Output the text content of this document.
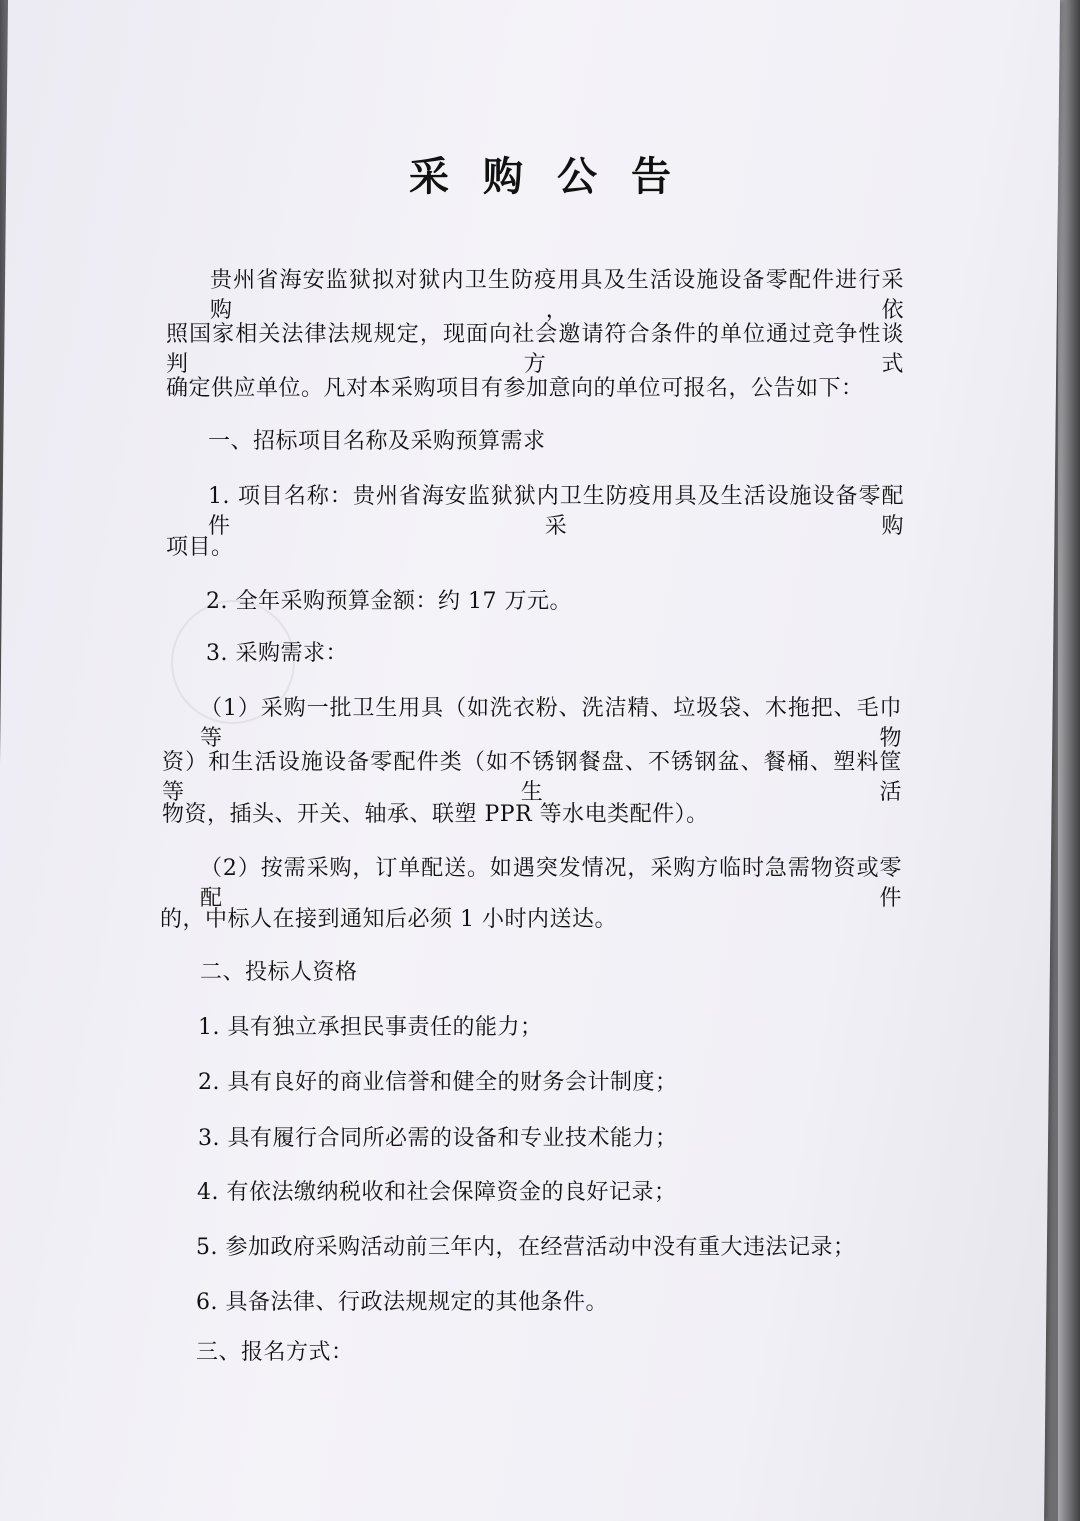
采购公告
贵州省海安监狱拟对狱内卫生防疫用具及生活设施设备零配件进行采购，依
照国家相关法律法规规定，现面向社会邀请符合条件的单位通过竞争性谈判方式
确定供应单位。凡对本采购项目有参加意向的单位可报名，公告如下：
一、招标项目名称及采购预算需求
1. 项目名称：贵州省海安监狱狱内卫生防疫用具及生活设施设备零配件采购
项目。
2. 全年采购预算金额：约 17 万元。
3. 采购需求：
（1）采购一批卫生用具（如洗衣粉、洗洁精、垃圾袋、木拖把、毛巾等物
资）和生活设施设备零配件类（如不锈钢餐盘、不锈钢盆、餐桶、塑料筐等生活
物资，插头、开关、轴承、联塑 PPR 等水电类配件）。
（2）按需采购，订单配送。如遇突发情况，采购方临时急需物资或零配件
的，中标人在接到通知后必须 1 小时内送达。
二、投标人资格
1. 具有独立承担民事责任的能力；
2. 具有良好的商业信誉和健全的财务会计制度；
3. 具有履行合同所必需的设备和专业技术能力；
4. 有依法缴纳税收和社会保障资金的良好记录；
5. 参加政府采购活动前三年内，在经营活动中没有重大违法记录；
6. 具备法律、行政法规规定的其他条件。
三、报名方式：
